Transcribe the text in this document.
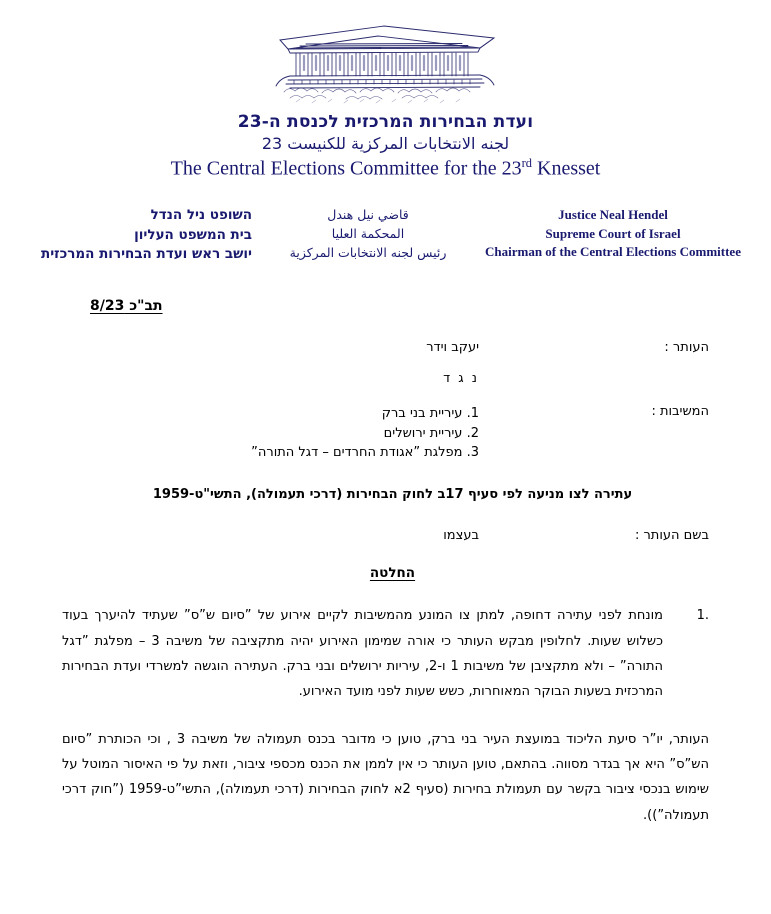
ועדת הבחירות המרכזית לכנסת ה-23
لجنه الانتخابات المركزية للكنيست 23
The Central Elections Committee for the 23rd Knesset
השופט ניל הנדל
בית המשפט העליון
יושב ראש ועדת הבחירות המרכזית
قاضي نيل هندل
المحكمة العليا
رئيس لجنه الانتخابات المركزية
Justice Neal Hendel
Supreme Court of Israel
Chairman of the Central Elections Committee
תב"כ 8/23
העותר :
יעקב וידר
נ ג ד
המשיבות :
1. עיריית בני ברק
2. עיריית ירושלים
3. מפלגת ”אגודת החרדים – דגל התורה”
עתירה לצו מניעה לפי סעיף 17ב לחוק הבחירות (דרכי תעמולה), התשי"ט-1959
בשם העותר :
בעצמו
החלטה
1.
מונחת לפני עתירה דחופה, למתן צו המונע מהמשיבות לקיים אירוע של ”סיום ש”ס” שעתיד להיערך בעוד כשלוש שעות. לחלופין מבקש העותר כי אורה שמימון האירוע יהיה מתקציבה של משיבה 3 – מפלגת ”דגל התורה” – ולא מתקציבן של משיבות 1 ו-2, עיריות ירושלים ובני ברק. העתירה הוגשה למשרדי ועדת הבחירות המרכזית בשעות הבוקר המאוחרות, כשש שעות לפני מועד האירוע.
העותר, יו”ר סיעת הליכוד במועצת העיר בני ברק, טוען כי מדובר בכנס תעמולה של משיבה 3 , וכי הכותרת ”סיום הש”ס” היא אך בגדר מסווה. בהתאם, טוען העותר כי אין לממן את הכנס מכספי ציבור, וזאת על פי האיסור המוטל על שימוש בנכסי ציבור בקשר עם תעמולת בחירות (סעיף 2א לחוק הבחירות (דרכי תעמולה), התשי”ט-1959 (”חוק דרכי תעמולה”)).
